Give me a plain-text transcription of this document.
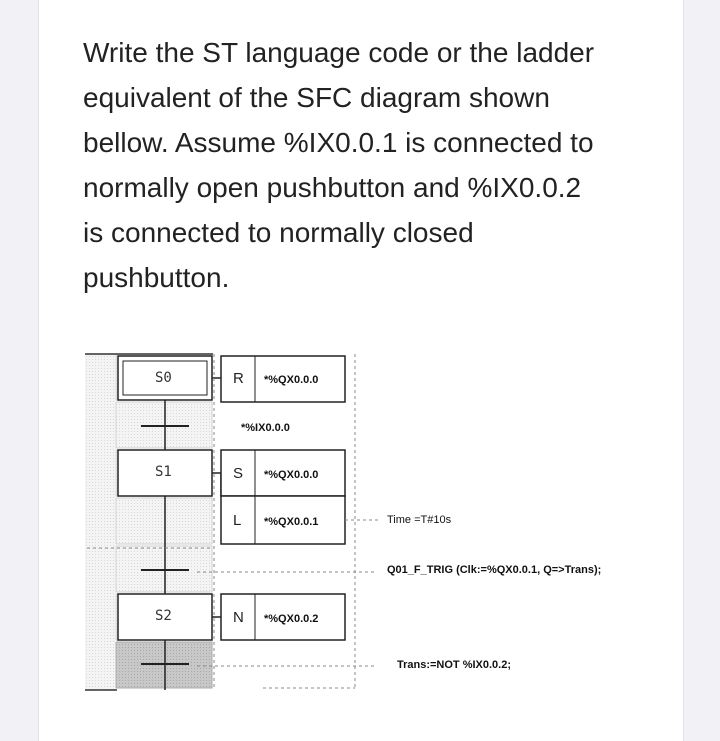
Write the ST language code or the ladder
equivalent of the SFC diagram shown
bellow. Assume %IX0.0.1 is connected to
normally open pushbutton and %IX0.0.2
is connected to normally closed
pushbutton.
S0
S1
S2
R *%QX0.0.0
*%IX0.0.0
S *%QX0.0.0
L *%QX0.0.1
N *%QX0.0.2
Time =T#10s
Q01_F_TRIG (Clk:=%QX0.0.1, Q=>Trans);
Trans:=NOT %IX0.0.2;
